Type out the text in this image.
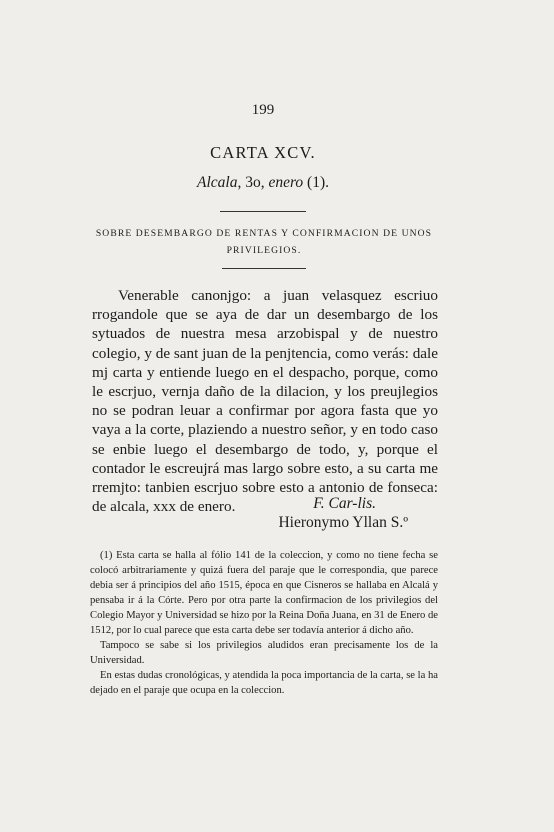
199
CARTA XCV.
Alcala, 3o, enero (1).
SOBRE DESEMBARGO DE RENTAS Y CONFIRMACION DE UNOS PRIVILEGIOS.

Venerable canonjgo: a juan velasquez escriuo rrogandole que se aya de dar un desembargo de los sytuados de nuestra mesa arzobispal y de nuestro colegio, y de sant juan de la penjtencia, como verás: dale mj carta y entiende luego en el despacho, porque, como le escrjuo, vernja daño de la dilacion, y los preujlegios no se podran leuar a confirmar por agora fasta que yo vaya a la corte, plaziendo a nuestro señor, y en todo caso se enbie luego el desembargo de todo, y, porque el contador le escreujrá mas largo sobre esto, a su carta me rremjto: tanbien escrjuo sobre esto a antonio de fonseca: de alcala, xxx de enero.	F. Car-lis.
Hieronymo Yllan S.º

(1) Esta carta se halla al fólio 141 de la coleccion, y como no tiene fecha se colocó arbitrariamente y quizá fuera del paraje que le correspondia, que parece debia ser á principios del año 1515, época en que Cisneros se hallaba en Alcalá y pensaba ir á la Córte. Pero por otra parte la confirmacion de los privilegios del Colegio Mayor y Universidad se hizo por la Reina Doña Juana, en 31 de Enero de 1512, por lo cual parece que esta carta debe ser todavía anterior á dicho año.

Tampoco se sabe si los privilegios aludidos eran precisamente los de la Universidad.

En estas dudas cronológicas, y atendida la poca importancia de la carta, se la ha dejado en el paraje que ocupa en la coleccion.
